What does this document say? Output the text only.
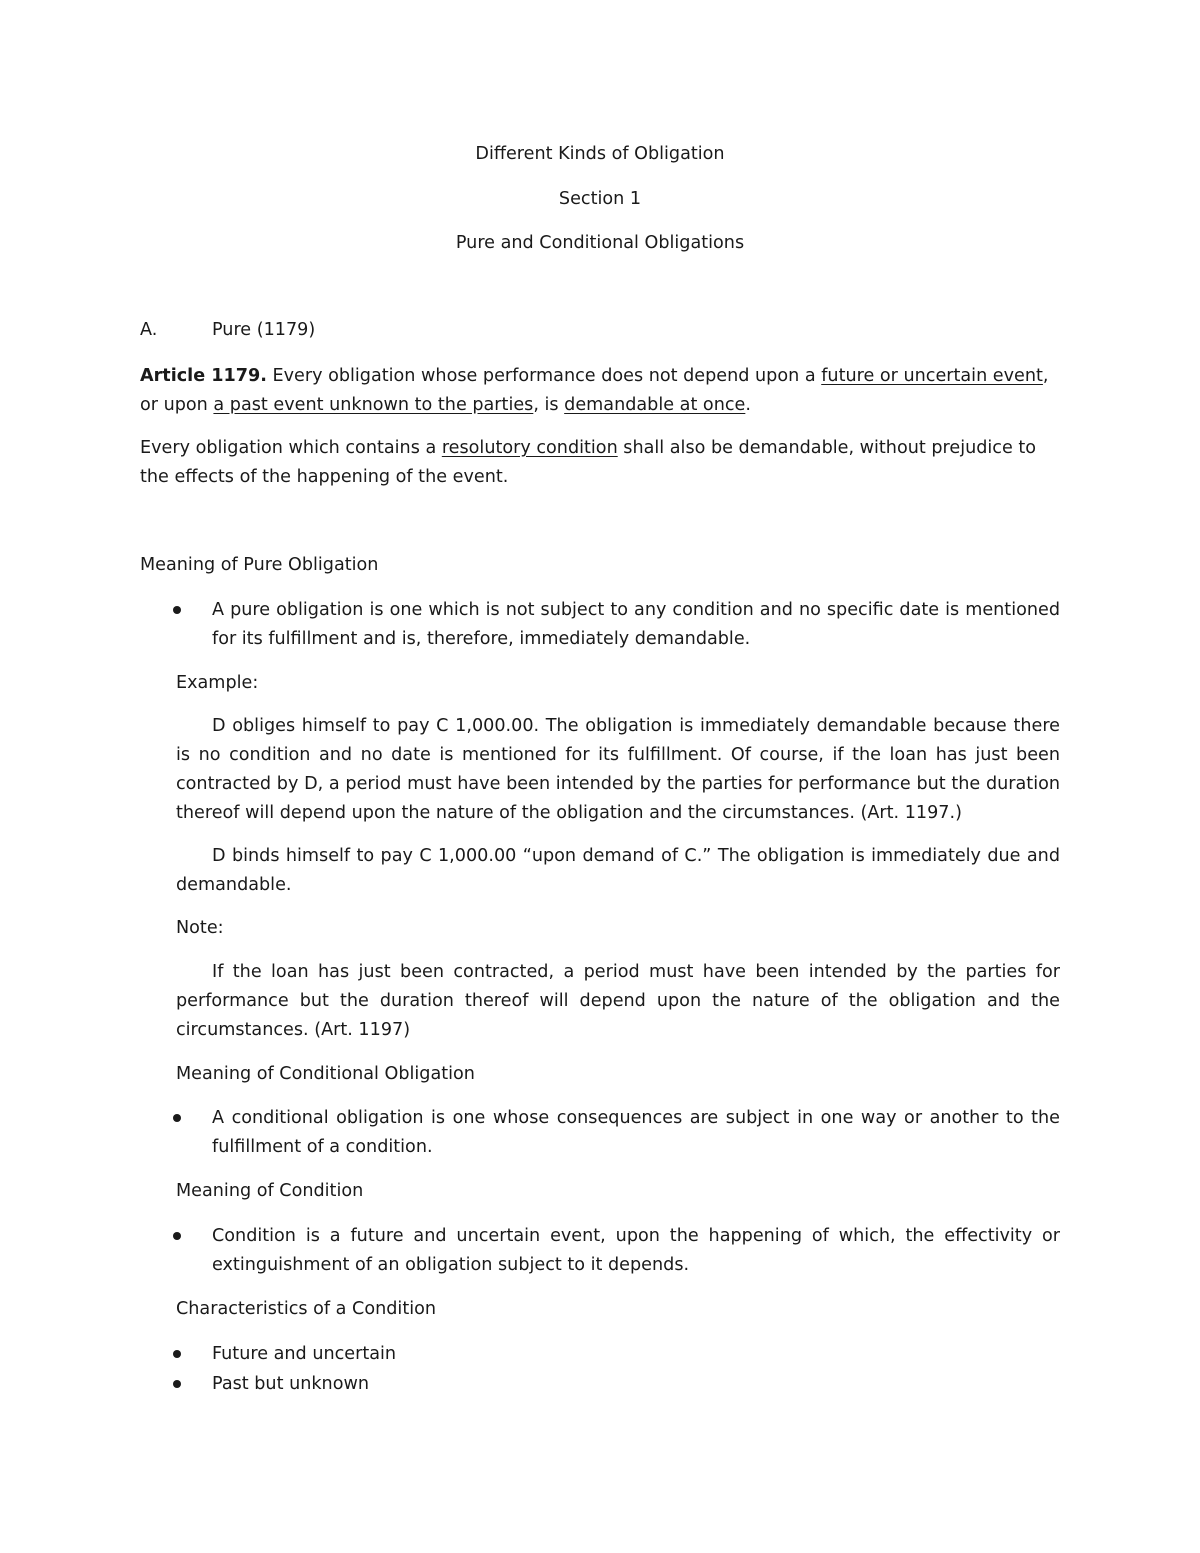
Different Kinds of Obligation
Section 1
Pure and Conditional Obligations
A.	Pure (1179)
Article 1179. Every obligation whose performance does not depend upon a future or uncertain event, or upon a past event unknown to the parties, is demandable at once.
Every obligation which contains a resolutory condition shall also be demandable, without prejudice to the effects of the happening of the event.
Meaning of Pure Obligation
A pure obligation is one which is not subject to any condition and no specific date is mentioned for its fulfillment and is, therefore, immediately demandable.
Example:
D obliges himself to pay C 1,000.00. The obligation is immediately demandable because there is no condition and no date is mentioned for its fulfillment. Of course, if the loan has just been contracted by D, a period must have been intended by the parties for performance but the duration thereof will depend upon the nature of the obligation and the circumstances. (Art. 1197.)
D binds himself to pay C 1,000.00 “upon demand of C.” The obligation is immediately due and demandable.
Note:
If the loan has just been contracted, a period must have been intended by the parties for performance but the duration thereof will depend upon the nature of the obligation and the circumstances. (Art. 1197)
Meaning of Conditional Obligation
A conditional obligation is one whose consequences are subject in one way or another to the fulfillment of a condition.
Meaning of Condition
Condition is a future and uncertain event, upon the happening of which, the effectivity or extinguishment of an obligation subject to it depends.
Characteristics of a Condition
Future and uncertain
Past but unknown
